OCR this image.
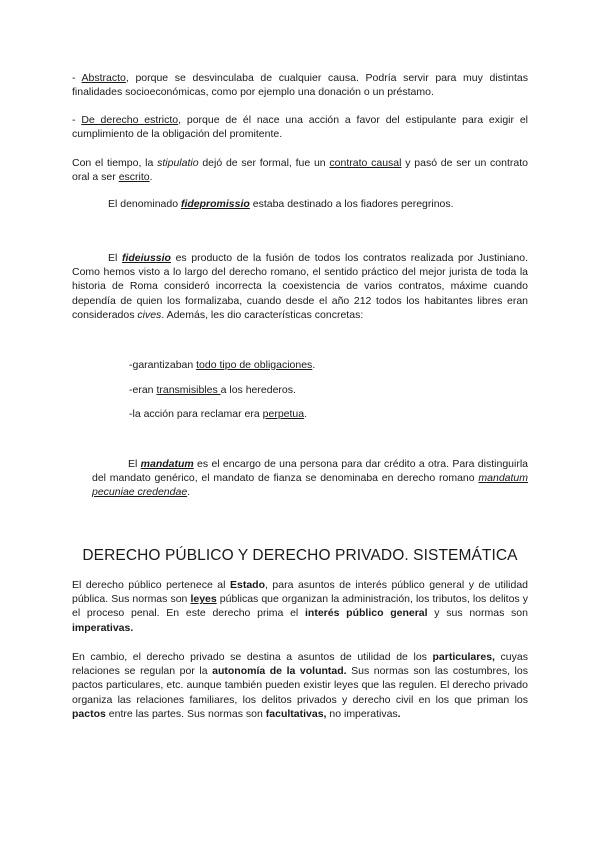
- Abstracto, porque se desvinculaba de cualquier causa. Podría servir para muy distintas finalidades socioeconómicas, como por ejemplo una donación o un préstamo.

- De derecho estricto, porque de él nace una acción a favor del estipulante para exigir el cumplimiento de la obligación del promitente.

Con el tiempo, la stipulatio dejó de ser formal, fue un contrato causal y pasó de ser un contrato oral a ser escrito.

El denominado fidepromissio estaba destinado a los fiadores peregrinos.

El fideiussio es producto de la fusión de todos los contratos realizada por Justiniano. Como hemos visto a lo largo del derecho romano, el sentido práctico del mejor jurista de toda la historia de Roma consideró incorrecta la coexistencia de varios contratos, máxime cuando dependía de quien los formalizaba, cuando desde el año 212 todos los habitantes libres eran considerados cives. Además, les dio características concretas:

-garantizaban todo tipo de obligaciones.

-eran transmisibles a los herederos.

-la acción para reclamar era perpetua.

El mandatum es el encargo de una persona para dar crédito a otra. Para distinguirla del mandato genérico, el mandato de fianza se denominaba en derecho romano mandatum pecuniae credendae.

DERECHO PÚBLICO Y DERECHO PRIVADO. SISTEMÁTICA

El derecho público pertenece al Estado, para asuntos de interés público general y de utilidad pública. Sus normas son leyes públicas que organizan la administración, los tributos, los delitos y el proceso penal. En este derecho prima el interés público general y sus normas son imperativas.

En cambio, el derecho privado se destina a asuntos de utilidad de los particulares, cuyas relaciones se regulan por la autonomía de la voluntad. Sus normas son las costumbres, los pactos particulares, etc. aunque también pueden existir leyes que las regulen. El derecho privado organiza las relaciones familiares, los delitos privados y derecho civil en los que priman los pactos entre las partes. Sus normas son facultativas, no imperativas.
